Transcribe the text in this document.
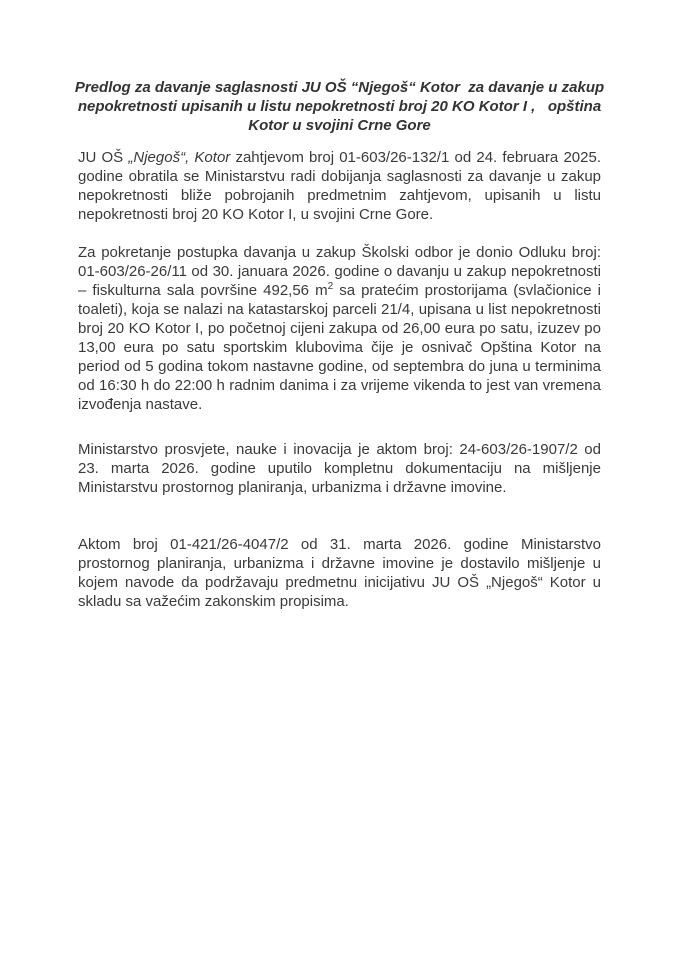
Predlog za davanje saglasnosti JU OŠ “Njegoš“ Kotor  za davanje u zakup nepokretnosti upisanih u listu nepokretnosti broj 20 KO Kotor I ,   opština Kotor u svojini Crne Gore

JU OŠ „Njegoš“, Kotor zahtjevom broj 01-603/26-132/1 od 24. februara 2025. godine obratila se Ministarstvu radi dobijanja saglasnosti za davanje u zakup nepokretnosti bliže pobrojanih predmetnim zahtjevom, upisanih u listu nepokretnosti broj 20 KO Kotor I, u svojini Crne Gore.

Za pokretanje postupka davanja u zakup Školski odbor je donio Odluku broj: 01-603/26-26/11 od 30. januara 2026. godine o davanju u zakup nepokretnosti – fiskulturna sala površine 492,56 $m^2$ sa pratećim prostorijama (svlačionice i toaleti), koja se nalazi na katastarskoj parceli 21/4, upisana u list nepokretnosti broj 20 KO Kotor I, po početnoj cijeni zakupa od 26,00 eura po satu, izuzev po 13,00 eura po satu sportskim klubovima čije je osnivač Opština Kotor na period od 5 godina tokom nastavne godine, od septembra do juna u terminima od 16:30 h do 22:00 h radnim danima i za vrijeme vikenda to jest van vremena izvođenja nastave.

Ministarstvo prosvjete, nauke i inovacija je aktom broj: 24-603/26-1907/2 od 23. marta 2026. godine uputilo kompletnu dokumentaciju na mišljenje Ministarstvu prostornog planiranja, urbanizma i državne imovine.

Aktom broj 01-421/26-4047/2 od 31. marta 2026. godine Ministarstvo prostornog planiranja, urbanizma i državne imovine je dostavilo mišljenje u kojem navode da podržavaju predmetnu inicijativu JU OŠ „Njegoš“ Kotor u skladu sa važećim zakonskim propisima.
